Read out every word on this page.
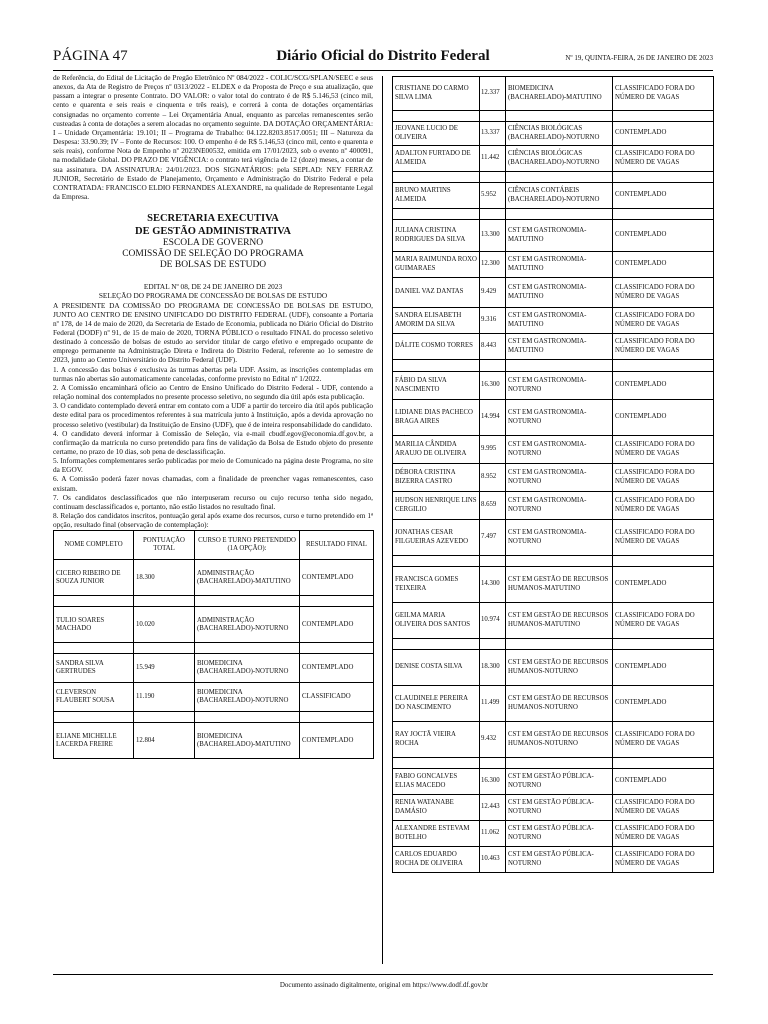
PÁGINA 47	Diário Oficial do Distrito Federal	Nº 19, QUINTA-FEIRA, 26 DE JANEIRO DE 2023

de Referência, do Edital de Licitação de Pregão Eletrônico Nº 084/2022 - COLIC/SCG/SPLAN/SEEC e seus anexos, da Ata de Registro de Preços nº 0313/2022 - ELDEX e da Proposta de Preço e sua atualização, que passam a integrar o presente Contrato. DO VALOR: o valor total do contrato é de R$ 5.146,53 (cinco mil, cento e quarenta e seis reais e cinquenta e três reais), e correrá à conta de dotações orçamentárias consignadas no orçamento corrente – Lei Orçamentária Anual, enquanto as parcelas remanescentes serão custeadas à conta de dotações a serem alocadas no orçamento seguinte. DA DOTAÇÃO ORÇAMENTÁRIA: I – Unidade Orçamentária: 19.101; II – Programa de Trabalho: 04.122.8203.8517.0051; III – Natureza da Despesa: 33.90.39; IV – Fonte de Recursos: 100. O empenho é de R$ 5.146,53 (cinco mil, cento e quarenta e seis reais), conforme Nota de Empenho nº 2023NE00532, emitida em 17/01/2023, sob o evento nº 400091, na modalidade Global. DO PRAZO DE VIGÊNCIA: o contrato terá vigência de 12 (doze) meses, a contar de sua assinatura. DA ASSINATURA: 24/01/2023. DOS SIGNATÁRIOS: pela SEPLAD: NEY FERRAZ JUNIOR, Secretário de Estado de Planejamento, Orçamento e Administração do Distrito Federal e pela CONTRATADA: FRANCISCO ELDIO FERNANDES ALEXANDRE, na qualidade de Representante Legal da Empresa.

SECRETARIA EXECUTIVA
DE GESTÃO ADMINISTRATIVA

ESCOLA DE GOVERNO
COMISSÃO DE SELEÇÃO DO PROGRAMA
DE BOLSAS DE ESTUDO

EDITAL Nº 08, DE 24 DE JANEIRO DE 2023

SELEÇÃO DO PROGRAMA DE CONCESSÃO DE BOLSAS DE ESTUDO

A PRESIDENTE DA COMISSÃO DO PROGRAMA DE CONCESSÃO DE BOLSAS DE ESTUDO, JUNTO AO CENTRO DE ENSINO UNIFICADO DO DISTRITO FEDERAL (UDF), consoante a Portaria nº 178, de 14 de maio de 2020, da Secretaria de Estado de Economia, publicada no Diário Oficial do Distrito Federal (DODF) nº 91, de 15 de maio de 2020, TORNA PÚBLICO o resultado FINAL do processo seletivo destinado à concessão de bolsas de estudo ao servidor titular de cargo efetivo e empregado ocupante de emprego permanente na Administração Direta e Indireta do Distrito Federal, referente ao 1o semestre de 2023, junto ao Centro Universitário do Distrito Federal (UDF).

1. A concessão das bolsas é exclusiva às turmas abertas pela UDF. Assim, as inscrições contempladas em turmas não abertas são automaticamente canceladas, conforme previsto no Edital nº 1/2022.

2. A Comissão encaminhará ofício ao Centro de Ensino Unificado do Distrito Federal - UDF, contendo a relação nominal dos contemplados no presente processo seletivo, no segundo dia útil após esta publicação.

3. O candidato contemplado deverá entrar em contato com a UDF a partir do terceiro dia útil após publicação deste edital para os procedimentos referentes à sua matrícula junto à Instituição, após a devida aprovação no processo seletivo (vestibular) da Instituição de Ensino (UDF), que é de inteira responsabilidade do candidato.

4. O candidato deverá informar à Comissão de Seleção, via e-mail cbudf.egov@economia.df.gov.br, a confirmação da matrícula no curso pretendido para fins de validação da Bolsa de Estudo objeto do presente certame, no prazo de 10 dias, sob pena de desclassificação.

5. Informações complementares serão publicadas por meio de Comunicado na página deste Programa, no site da EGOV.

6. A Comissão poderá fazer novas chamadas, com a finalidade de preencher vagas remanescentes, caso existam.

7. Os candidatos desclassificados que não interpuseram recurso ou cujo recurso tenha sido negado, continuam desclassificados e, portanto, não estão listados no resultado final.

8. Relação dos candidatos inscritos, pontuação geral após exame dos recursos, curso e turno pretendido em 1ª opção, resultado final (observação de contemplação):

NOME COMPLETO	PONTUAÇÃO TOTAL	CURSO E TURNO PRETENDIDO (1A OPÇÃO):	RESULTADO FINAL
CICERO RIBEIRO DE SOUZA JUNIOR	18.300	ADMINISTRAÇÃO (BACHARELADO)-MATUTINO	CONTEMPLADO

TULIO SOARES MACHADO	10.020	ADMINISTRAÇÃO (BACHARELADO)-NOTURNO	CONTEMPLADO

SANDRA SILVA GERTRUDES	15.949	BIOMEDICINA (BACHARELADO)-NOTURNO	CONTEMPLADO
CLEVERSON FLAUBERT SOUSA	11.190	BIOMEDICINA (BACHARELADO)-NOTURNO	CLASSIFICADO

ELIANE MICHELLE LACERDA FREIRE	12.804	BIOMEDICINA (BACHARELADO)-MATUTINO	CONTEMPLADO
CRISTIANE DO CARMO SILVA LIMA	12.337	BIOMEDICINA (BACHARELADO)-MATUTINO	CLASSIFICADO FORA DO NÚMERO DE VAGAS

JEOVANE LUCIO DE OLIVEIRA	13.337	CIÊNCIAS BIOLÓGICAS (BACHARELADO)-NOTURNO	CONTEMPLADO
ADALTON FURTADO DE ALMEIDA	11.442	CIÊNCIAS BIOLÓGICAS (BACHARELADO)-NOTURNO	CLASSIFICADO FORA DO NÚMERO DE VAGAS

BRUNO MARTINS ALMEIDA	5.952	CIÊNCIAS CONTÁBEIS (BACHARELADO)-NOTURNO	CONTEMPLADO

JULIANA CRISTINA RODRIGUES DA SILVA	13.300	CST EM GASTRONOMIA-MATUTINO	CONTEMPLADO
MARIA RAIMUNDA ROXO GUIMARAES	12.300	CST EM GASTRONOMIA-MATUTINO	CONTEMPLADO
DANIEL VAZ DANTAS	9.429	CST EM GASTRONOMIA-MATUTINO	CLASSIFICADO FORA DO NÚMERO DE VAGAS
SANDRA ELISABETH AMORIM DA SILVA	9.316	CST EM GASTRONOMIA-MATUTINO	CLASSIFICADO FORA DO NÚMERO DE VAGAS
DÁLITE COSMO TORRES	8.443	CST EM GASTRONOMIA-MATUTINO	CLASSIFICADO FORA DO NÚMERO DE VAGAS

FÁBIO DA SILVA NASCIMENTO	16.300	CST EM GASTRONOMIA-NOTURNO	CONTEMPLADO
LIDIANE DIAS PACHECO BRAGA AIRES	14.994	CST EM GASTRONOMIA-NOTURNO	CONTEMPLADO
MARILIA CÂNDIDA ARAUJO DE OLIVEIRA	9.995	CST EM GASTRONOMIA-NOTURNO	CLASSIFICADO FORA DO NÚMERO DE VAGAS
DÉBORA CRISTINA BIZERRA CASTRO	8.952	CST EM GASTRONOMIA-NOTURNO	CLASSIFICADO FORA DO NÚMERO DE VAGAS
HUDSON HENRIQUE LINS CERGILIO	8.659	CST EM GASTRONOMIA-NOTURNO	CLASSIFICADO FORA DO NÚMERO DE VAGAS
JONATHAS CESAR FILGUEIRAS AZEVEDO	7.497	CST EM GASTRONOMIA-NOTURNO	CLASSIFICADO FORA DO NÚMERO DE VAGAS

FRANCISCA GOMES TEIXEIRA	14.300	CST EM GESTÃO DE RECURSOS HUMANOS-MATUTINO	CONTEMPLADO
GEILMA MARIA OLIVEIRA DOS SANTOS	10.974	CST EM GESTÃO DE RECURSOS HUMANOS-MATUTINO	CLASSIFICADO FORA DO NÚMERO DE VAGAS

DENISE COSTA SILVA	18.300	CST EM GESTÃO DE RECURSOS HUMANOS-NOTURNO	CONTEMPLADO
CLAUDINELE PEREIRA DO NASCIMENTO	11.499	CST EM GESTÃO DE RECURSOS HUMANOS-NOTURNO	CONTEMPLADO
RAY JOCTÃ VIEIRA ROCHA	9.432	CST EM GESTÃO DE RECURSOS HUMANOS-NOTURNO	CLASSIFICADO FORA DO NÚMERO DE VAGAS

FABIO GONCALVES ELIAS MACEDO	16.300	CST EM GESTÃO PÚBLICA-NOTURNO	CONTEMPLADO
RENIA WATANABE DAMÁSIO	12.443	CST EM GESTÃO PÚBLICA-NOTURNO	CLASSIFICADO FORA DO NÚMERO DE VAGAS
ALEXANDRE ESTEVAM BOTELHO	11.062	CST EM GESTÃO PÚBLICA-NOTURNO	CLASSIFICADO FORA DO NÚMERO DE VAGAS
CARLOS EDUARDO ROCHA DE OLIVEIRA	10.463	CST EM GESTÃO PÚBLICA-NOTURNO	CLASSIFICADO FORA DO NÚMERO DE VAGAS
Documento assinado digitalmente, original em https://www.dodf.df.gov.br
